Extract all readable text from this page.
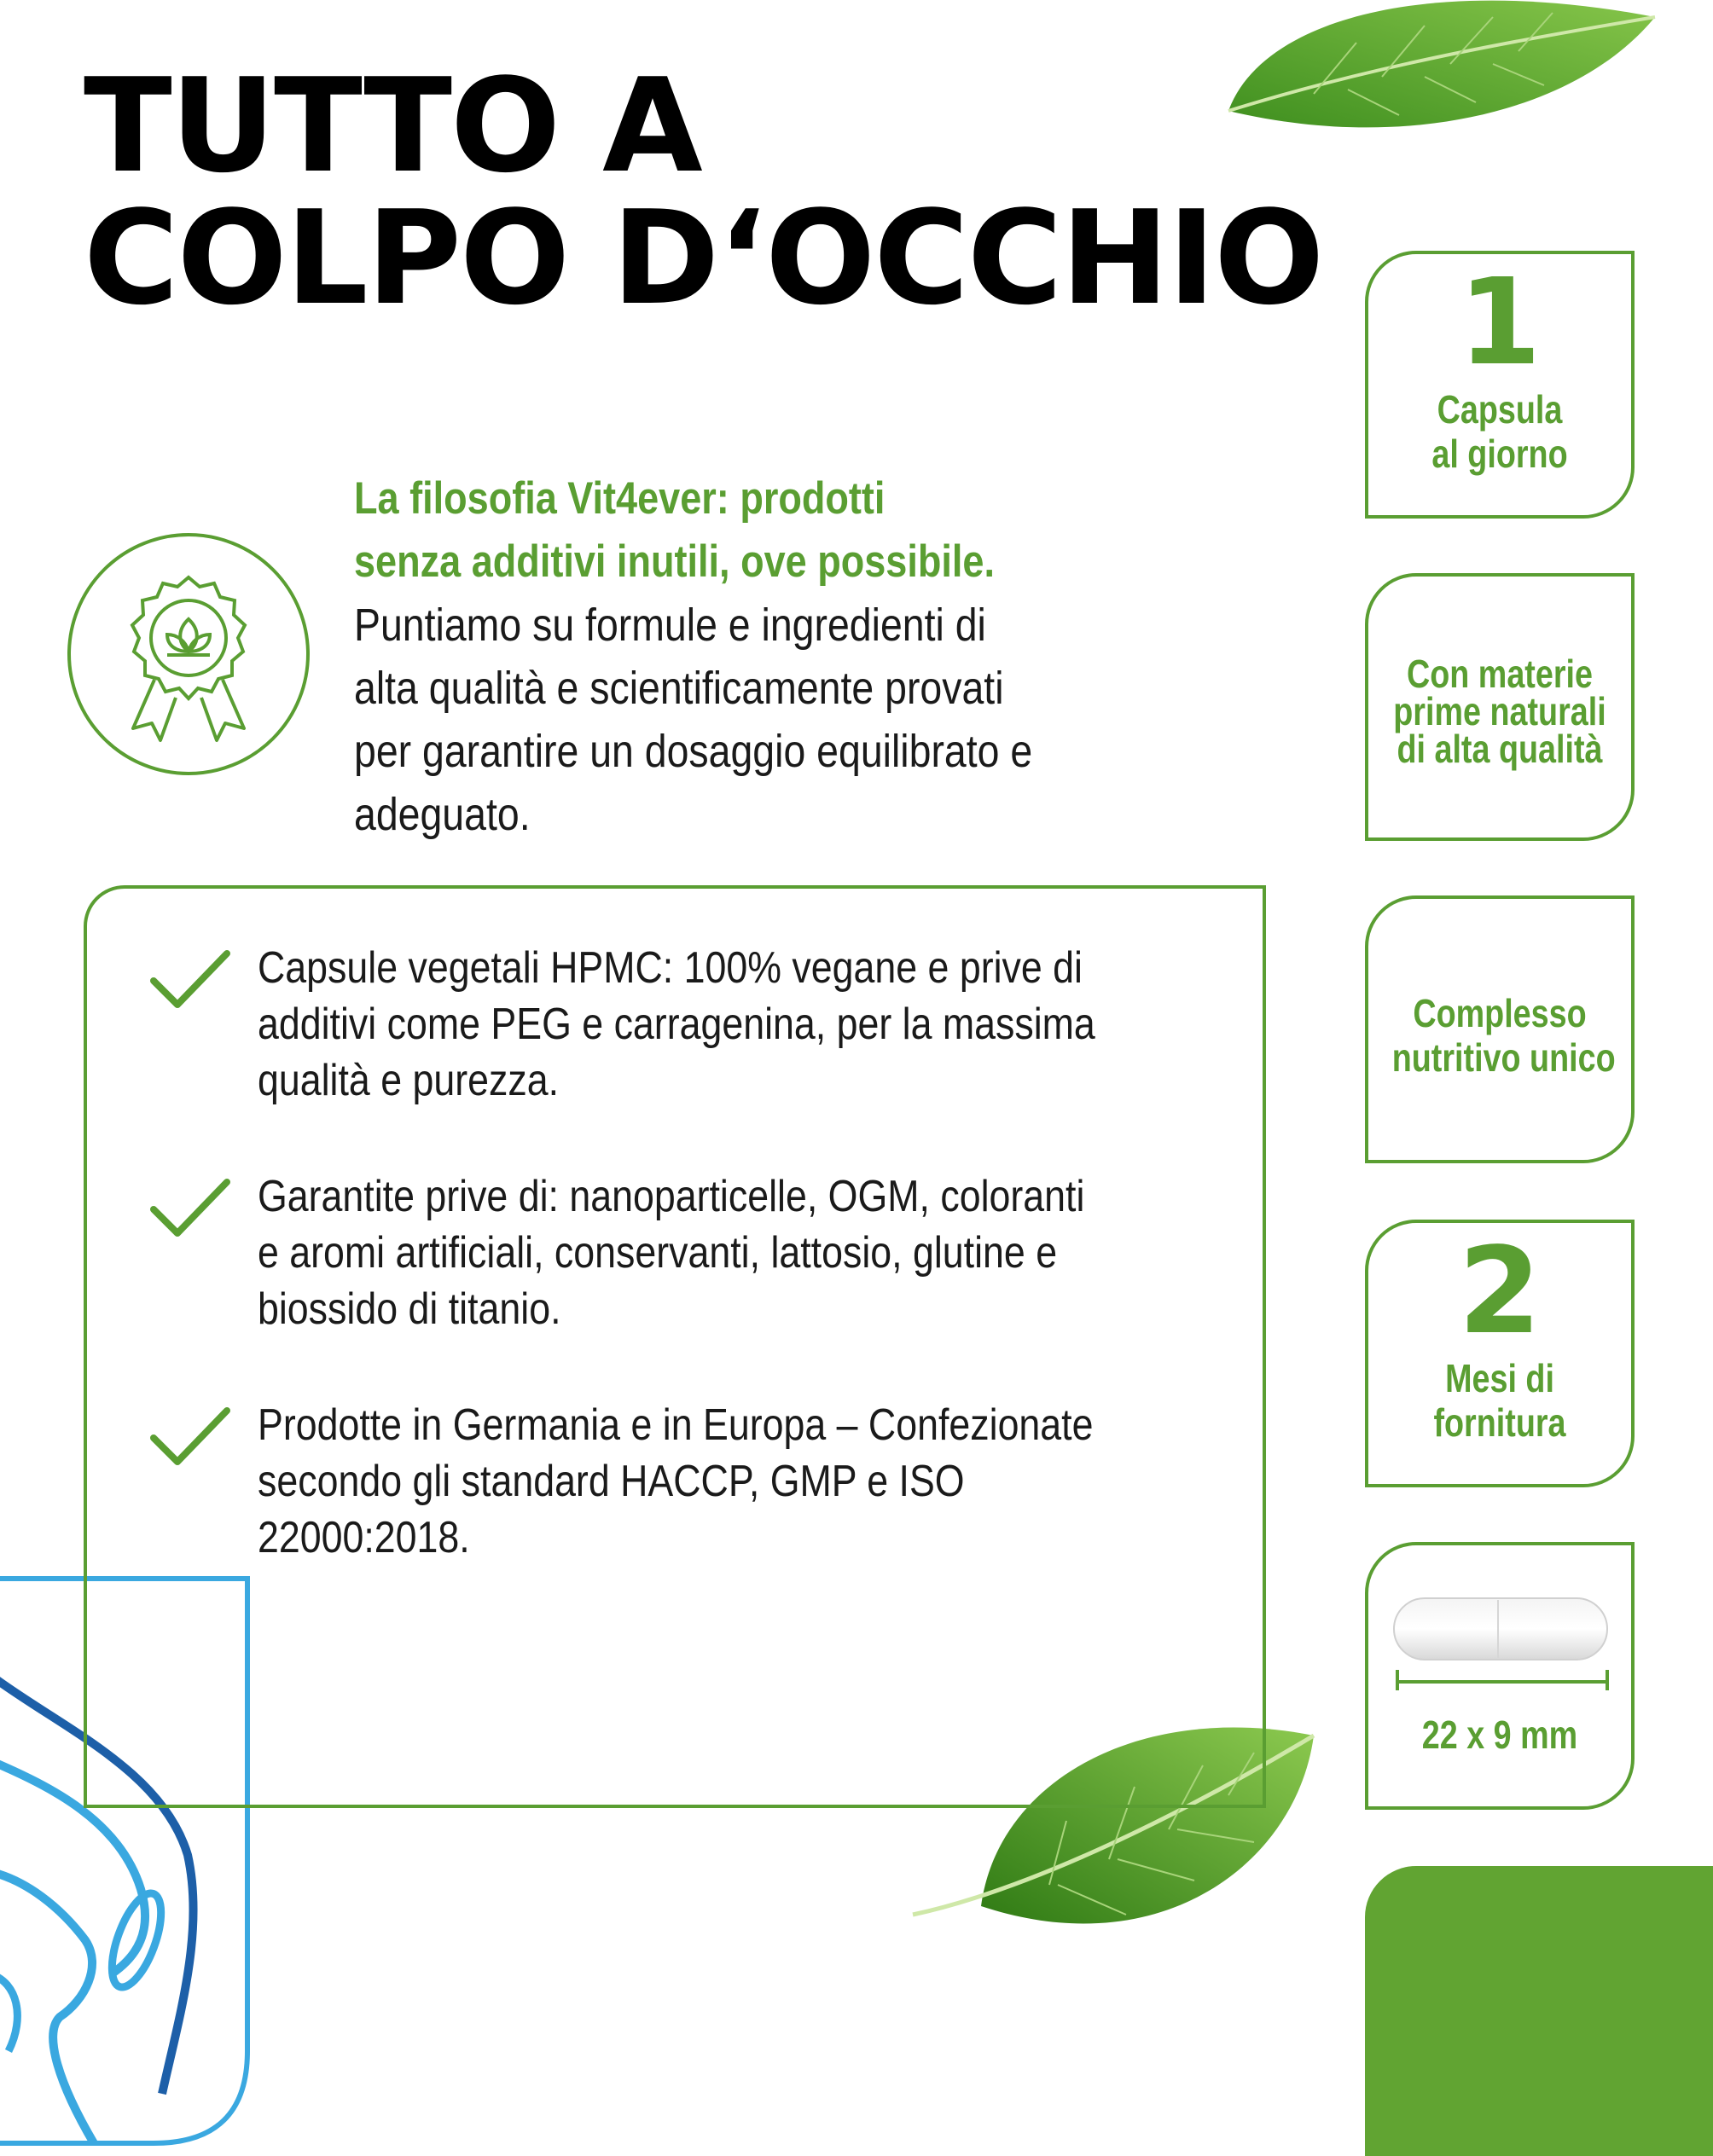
TUTTO A
COLPO D‘OCCHIO
La filosofia Vit4ever: prodotti
senza additivi inutili, ove possibile.
Puntiamo su formule e ingredienti di
alta qualità e scientificamente provati
per garantire un dosaggio equilibrato e
adeguato.
Capsule vegetali HPMC: 100% vegane e prive di
additivi come PEG e carragenina, per la massima
qualità e purezza.
Garantite prive di: nanoparticelle, OGM, coloranti
e aromi artificiali, conservanti, lattosio, glutine e
biossido di titanio.
Prodotte in Germania e in Europa – Confezionate
secondo gli standard HACCP, GMP e ISO
22000:2018.
1
Capsula
al giorno
Con materie
prime naturali
di alta qualità
Complesso
nutritivo unico
2
Mesi di
fornitura
22 x 9 mm
